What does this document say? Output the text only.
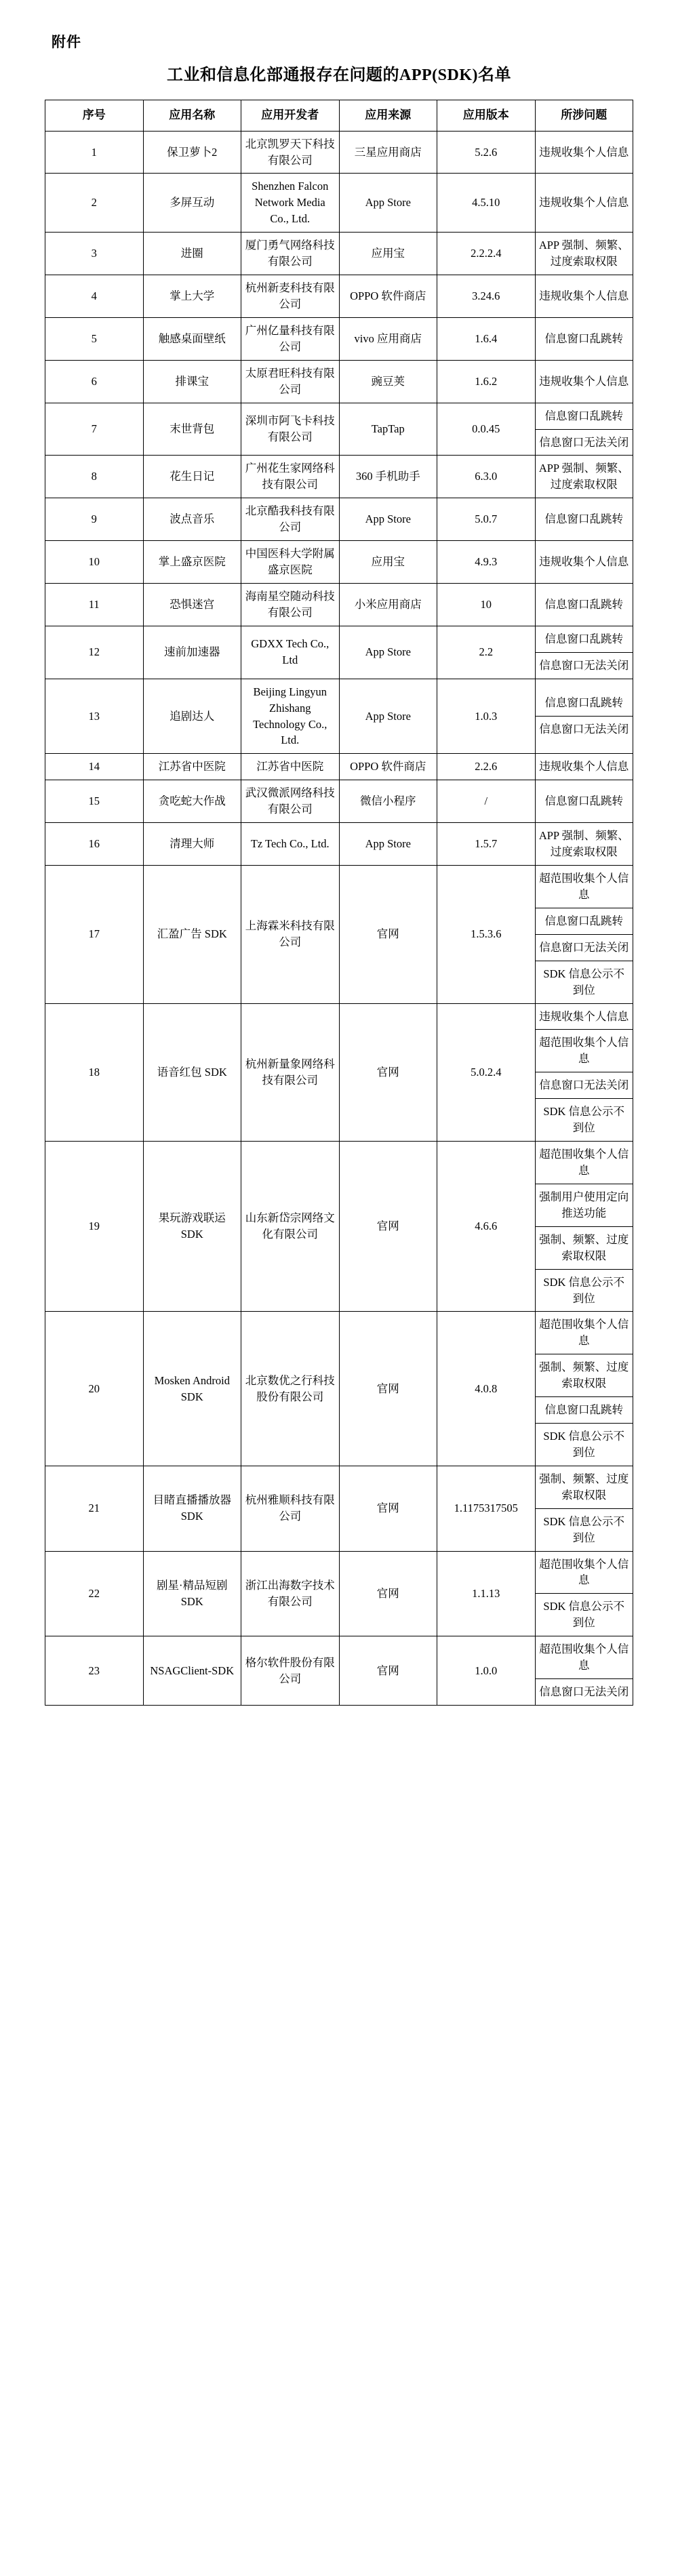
附件
工业和信息化部通报存在问题的APP(SDK)名单
序号	应用名称	应用开发者	应用来源	应用版本	所涉问题
1	保卫萝卜2	北京凯罗天下科技有限公司	三星应用商店	5.2.6	违规收集个人信息

2	多屏互动	Shenzhen Falcon Network Media Co., Ltd.	App Store	4.5.10	违规收集个人信息

3	进圈	厦门勇气网络科技有限公司	应用宝	2.2.2.4	APP 强制、频繁、过度索取权限

4	掌上大学	杭州新麦科技有限公司	OPPO 软件商店	3.24.6	违规收集个人信息

5	触感桌面壁纸	广州亿量科技有限公司	vivo 应用商店	1.6.4	信息窗口乱跳转

6	排课宝	太原君旺科技有限公司	豌豆荚	1.6.2	违规收集个人信息

7	末世背包	深圳市阿飞卡科技有限公司	TapTap	0.0.45	信息窗口乱跳转
信息窗口无法关闭

8	花生日记	广州花生家网络科技有限公司	360 手机助手	6.3.0	APP 强制、频繁、过度索取权限

9	波点音乐	北京酷我科技有限公司	App Store	5.0.7	信息窗口乱跳转

10	掌上盛京医院	中国医科大学附属盛京医院	应用宝	4.9.3	违规收集个人信息

11	恐惧迷宫	海南星空随动科技有限公司	小米应用商店	10	信息窗口乱跳转

12	速前加速器	GDXX Tech Co., Ltd	App Store	2.2	信息窗口乱跳转
信息窗口无法关闭

13	追剧达人	Beijing Lingyun Zhishang Technology Co., Ltd.	App Store	1.0.3	信息窗口乱跳转
信息窗口无法关闭

14	江苏省中医院	江苏省中医院	OPPO 软件商店	2.2.6	违规收集个人信息

15	贪吃蛇大作战	武汉微派网络科技有限公司	微信小程序	/	信息窗口乱跳转

16	清理大师	Tz Tech Co., Ltd.	App Store	1.5.7	APP 强制、频繁、过度索取权限

17	汇盈广告 SDK	上海霖米科技有限公司	官网	1.5.3.6	超范围收集个人信息
信息窗口乱跳转
信息窗口无法关闭
SDK 信息公示不到位

18	语音红包 SDK	杭州新量象网络科技有限公司	官网	5.0.2.4	违规收集个人信息
超范围收集个人信息
信息窗口无法关闭
SDK 信息公示不到位

19	果玩游戏联运 SDK	山东新岱宗网络文化有限公司	官网	4.6.6	超范围收集个人信息
强制用户使用定向推送功能
强制、频繁、过度索取权限
SDK 信息公示不到位

20	Mosken Android SDK	北京数优之行科技股份有限公司	官网	4.0.8	超范围收集个人信息
强制、频繁、过度索取权限
信息窗口乱跳转
SDK 信息公示不到位

21	目睹直播播放器 SDK	杭州雅顺科技有限公司	官网	1.1175317505	强制、频繁、过度索取权限
SDK 信息公示不到位

22	剧星·精品短剧 SDK	浙江出海数字技术有限公司	官网	1.1.13	超范围收集个人信息
SDK 信息公示不到位

23	NSAGClient-SDK	格尔软件股份有限公司	官网	1.0.0	超范围收集个人信息
信息窗口无法关闭
